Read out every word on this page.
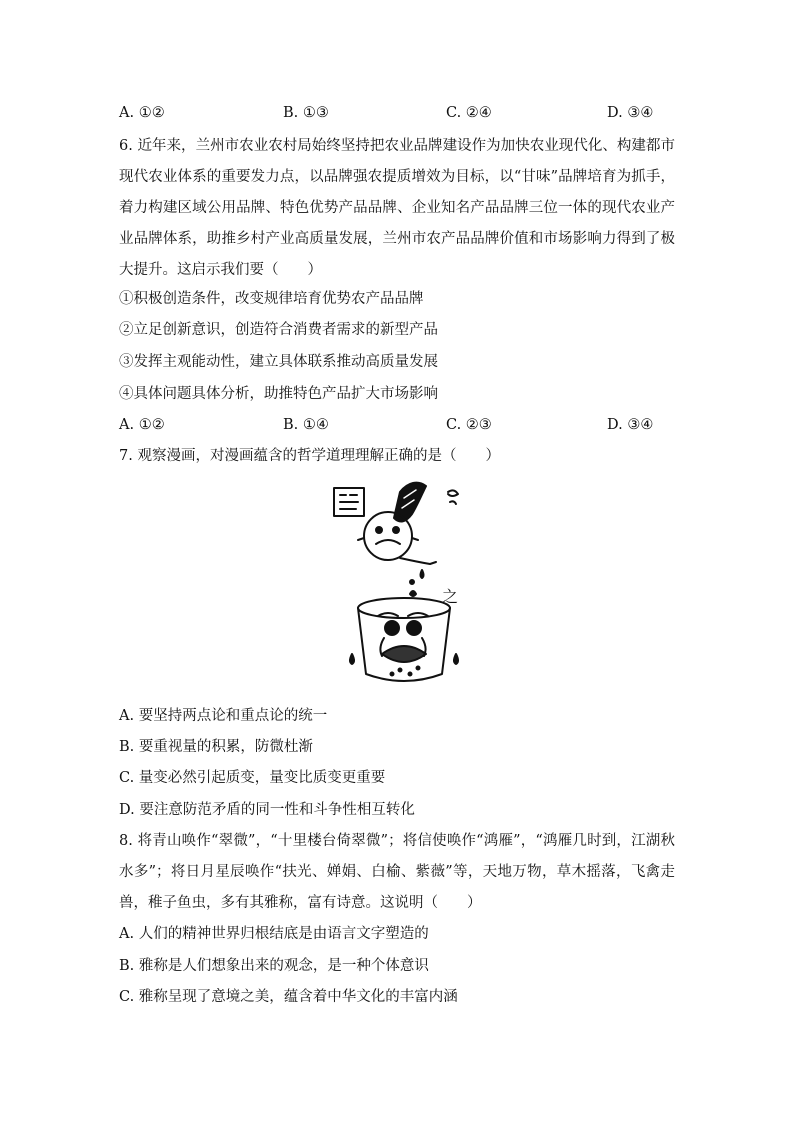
A. ①②	B. ①③	C. ②④	D. ③④
6. 近年来，兰州市农业农村局始终坚持把农业品牌建设作为加快农业现代化、构建都市现代农业体系的重要发力点，以品牌强农提质增效为目标，以“甘味”品牌培育为抓手，着力构建区域公用品牌、特色优势产品品牌、企业知名产品品牌三位一体的现代农业产业品牌体系，助推乡村产业高质量发展，兰州市农产品品牌价值和市场影响力得到了极大提升。这启示我们要（　　）
①积极创造条件，改变规律培育优势农产品品牌
②立足创新意识，创造符合消费者需求的新型产品
③发挥主观能动性，建立具体联系推动高质量发展
④具体问题具体分析，助推特色产品扩大市场影响
A. ①②	B. ①④	C. ②③	D. ③④
7. 观察漫画，对漫画蕴含的哲学道理理解正确的是（　　）
之
A. 要坚持两点论和重点论的统一
B. 要重视量的积累，防微杜渐
C. 量变必然引起质变，量变比质变更重要
D. 要注意防范矛盾的同一性和斗争性相互转化
8. 将青山唤作“翠微”，“十里楼台倚翠微”；将信使唤作“鸿雁”，“鸿雁几时到，江湖秋水多”；将日月星辰唤作“扶光、婵娟、白榆、紫薇”等，天地万物，草木摇落，飞禽走兽，稚子鱼虫，多有其雅称，富有诗意。这说明（　　）
A. 人们的精神世界归根结底是由语言文字塑造的
B. 雅称是人们想象出来的观念，是一种个体意识
C. 雅称呈现了意境之美，蕴含着中华文化的丰富内涵
